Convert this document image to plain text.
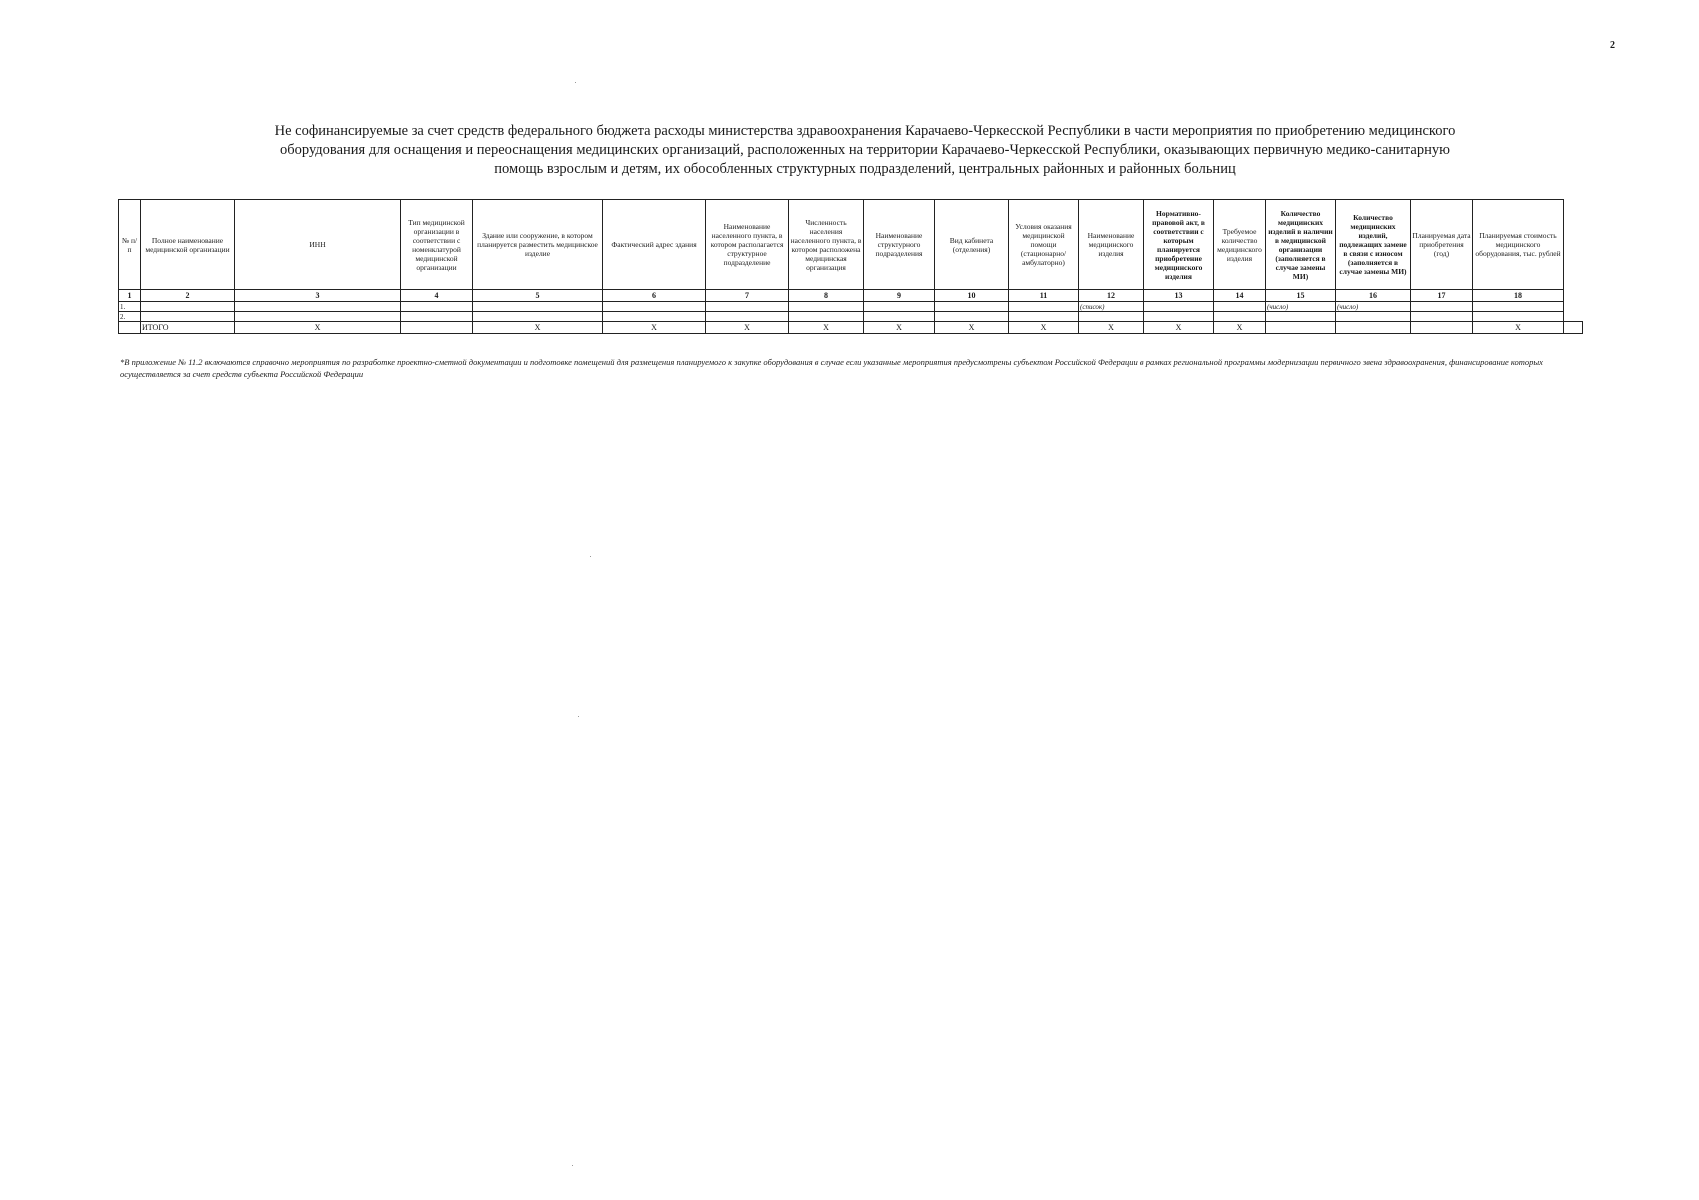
2
Не софинансируемые за счет средств федерального бюджета расходы министерства здравоохранения Карачаево-Черкесской Республики в части мероприятия по приобретению медицинского
оборудования для оснащения и переоснащения медицинских организаций, расположенных на территории Карачаево-Черкесской Республики, оказывающих первичную медико-санитарную
помощь взрослым и детям, их обособленных структурных подразделений, центральных районных и районных больниц
№ п/п	Полное наименование медицинской организации	ИНН	Тип медицинской организации в соответствии с номенклатурой медицинской организации	Здание или сооружение, в котором планируется разместить медицинское изделие	Фактический адрес здания	Наименование населенного пункта, в котором располагается структурное подразделение	Численность населения населенного пункта, в котором расположена медицинская организация	Наименование структурного подразделения	Вид кабинета (отделения)	Условия оказания медицинской помощи (стационарно/амбулаторно)	Наименование медицинского изделия	Нормативно-правовой акт, в соответствии с которым планируется приобретение медицинского изделия	Требуемое количество медицинского изделия	Количество медицинских изделий в наличии в медицинской организации (заполняется в случае замены МИ)	Количество медицинских изделий, подлежащих замене в связи с износом (заполняется в случае замены МИ)	Планируемая дата приобретения (год)	Планируемая стоимость медицинского оборудования, тыс. рублей	
1	2	3	4	5	6	7	8	9	10	11	12	13	14	15	16	17	18	
1.											(список)			(число)	(число)			
2.																		
	ИТОГО	X		X	X	X	X	X	X	X	X	X	X				X	
*В приложение № 11.2 включаются справочно мероприятия по разработке проектно-сметной документации и подготовке помещений для размещения планируемого к закупке оборудования в случае если указанные мероприятия предусмотрены субъектом Российской Федерации в рамках региональной программы модернизации первичного звена здравоохранения, финансирование которых осуществляется за счет средств субъекта Российской Федерации
